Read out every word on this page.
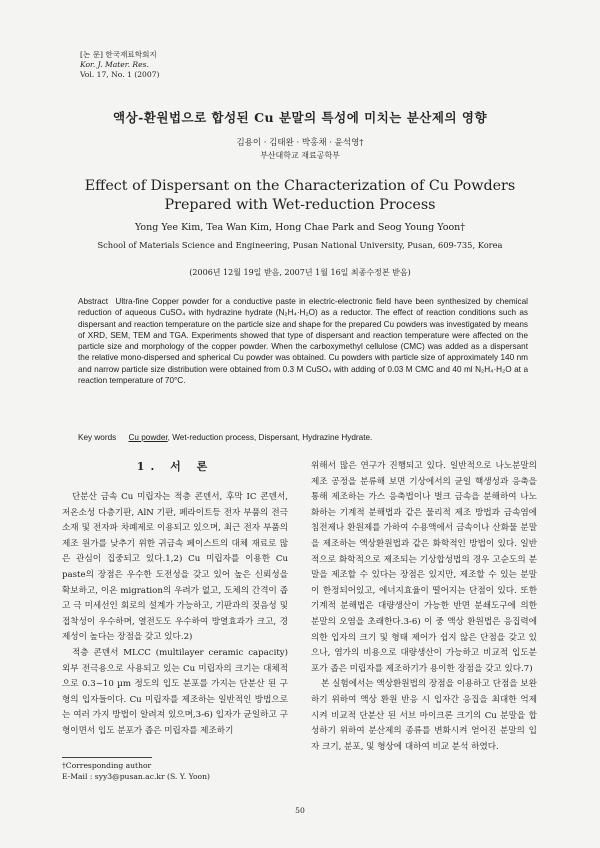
[논 문] 한국재료학회지
Kor. J. Mater. Res.
Vol. 17, No. 1 (2007)
액상-환원법으로 합성된 Cu 분말의 특성에 미치는 분산제의 영향
김용이 · 김태완 · 박홍채 · 윤석영†
부산대학교 재료공학부
Effect of Dispersant on the Characterization of Cu Powders
Prepared with Wet-reduction Process
Yong Yee Kim, Tea Wan Kim, Hong Chae Park and Seog Young Yoon†
School of Materials Science and Engineering, Pusan National University, Pusan, 609-735, Korea
(2006년 12월 19일 받음, 2007년 1월 16일 최종수정본 받음)
Abstract Ultra-fine Copper powder for a conductive paste in electric-electronic field have been synthesized by chemical reduction of aqueous CuSO₄ with hydrazine hydrate (N₂H₄·H₂O) as a reductor. The effect of reaction conditions such as dispersant and reaction temperature on the particle size and shape for the prepared Cu powders was investigated by means of XRD, SEM, TEM and TGA. Experiments showed that type of dispersant and reaction temperature were affected on the particle size and morphology of the copper powder. When the carboxymethyl cellulose (CMC) was added as a dispersant the relative mono-dispersed and spherical Cu powder was obtained. Cu powders with particle size of approximately 140 nm and narrow particle size distribution were obtained from 0.3 M CuSO₄ with adding of 0.03 M CMC and 40 ml N₂H₄·H₂O at a reaction temperature of 70°C.
Key words Cu powder, Wet-reduction process, Dispersant, Hydrazine Hydrate.
1. 서 론

단분산 금속 Cu 미립자는 적층 콘덴서, 후막 IC 콘덴서, 저온소성 다층기판, AlN 기판, 페라이트등 전자 부품의 전극소재 및 전자파 차폐제로 이용되고 있으며, 최근 전자 부품의 제조 원가를 낮추기 위한 귀금속 페이스트의 대체 재료로 많은 관심이 집중되고 있다.1,2) Cu 미립자를 이용한 Cu paste의 장점은 우수한 도전성을 갖고 있어 높은 신뢰성을 확보하고, 이온 migration의 우려가 없고, 도체의 간격이 좁고 극 미세선인 회로의 설계가 가능하고, 기판과의 젖음성 및 접착성이 우수하며, 열전도도 우수하여 방열효과가 크고, 경제성이 높다는 장점을 갖고 있다.2)

적층 콘덴서 MLCC (multilayer ceramic capacity) 외부 전극용으로 사용되고 있는 Cu 미립자의 크기는 대체적으로 0.3~10 µm 정도의 입도 분포를 가지는 단분산 된 구형의 입자들이다. Cu 미립자를 제조하는 일반적인 방법으로는 여러 가지 방법이 알려져 있으며,3-6) 입자가 균일하고 구형이면서 입도 분포가 좁은 미립자를 제조하기

위해서 많은 연구가 진행되고 있다. 일반적으로 나노분말의 제조 공정을 분류해 보면 기상에서의 균일 핵생성과 응축을 통해 제조하는 가스 응축법이나 벌크 금속을 분해하여 나노화하는 기계적 분해법과 같은 물리적 제조 방법과 금속염에 침전제나 환원제를 가하여 수용액에서 금속이나 산화물 분말을 제조하는 액상환원법과 같은 화학적인 방법이 있다. 일반적으로 화학적으로 제조되는 기상합성법의 경우 고순도의 분말을 제조할 수 있다는 장점은 있지만, 제조할 수 있는 분말이 한정되어있고, 에너지효율이 떨어지는 단점이 있다. 또한 기계적 분해법은 대량생산이 가능한 반면 분쇄도구에 의한 분말의 오염을 초래한다.3-6) 이 중 액상 환원법은 응집력에 의한 입자의 크기 및 형태 제어가 쉽지 않은 단점을 갖고 있으나, 염가의 비용으로 대량생산이 가능하고 비교적 입도분포가 좁은 미립자를 제조하기가 용이한 장점을 갖고 있다.7)

본 실험에서는 액상환원법의 장점을 이용하고 단점을 보완하기 위하여 액상 환원 반응 시 입자간 응집을 최대한 억제 시켜 비교적 단분산 된 서브 마이크론 크기의 Cu 분말을 합성하기 위하여 분산제의 종류를 변화시켜 얻어진 분말의 입자 크기, 분포, 및 형상에 대하여 비교 분석 하였다.

†Corresponding author
E-Mail : syy3@pusan.ac.kr (S. Y. Yoon)
50
